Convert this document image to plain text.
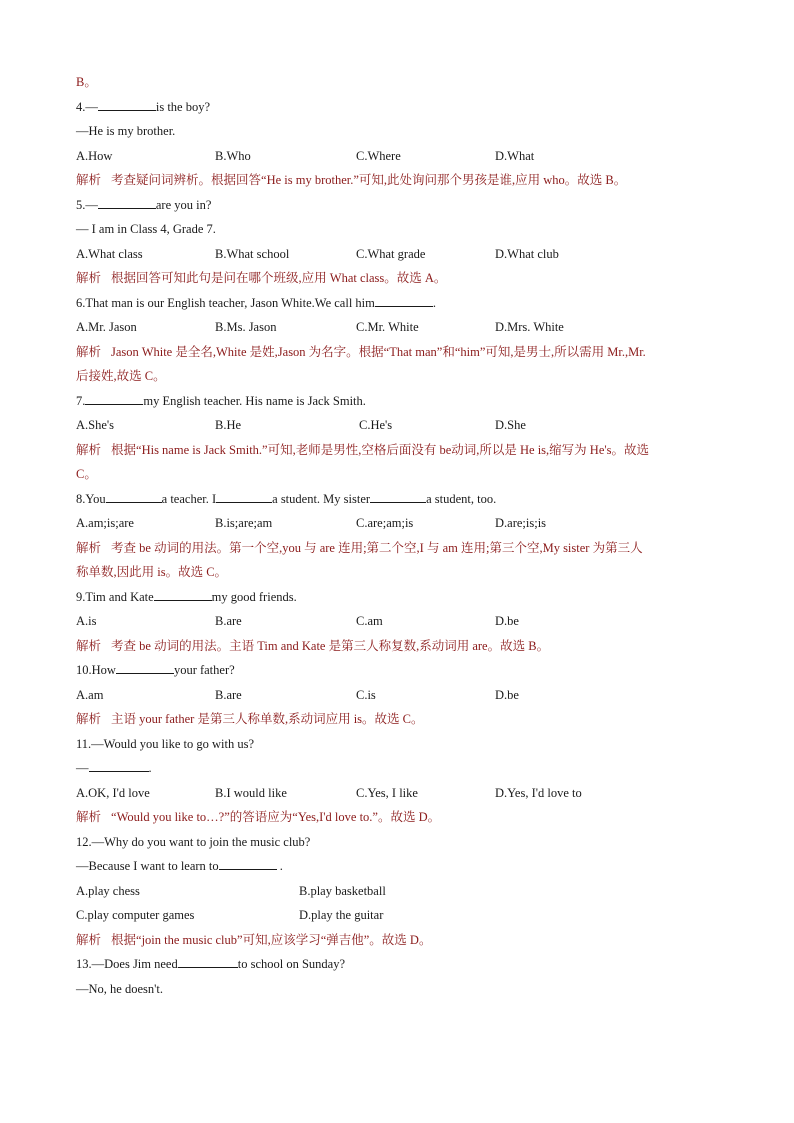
B。
4.—	is the boy?
—He is my brother.
A.How	B.Who	C.Where	D.What
解析 考查疑问词辨析。根据回答“He is my brother.”可知,此处询问那个男孩是谁,应用 who。故选 B。
5.—	are you in?
— I am in Class 4, Grade 7.
A.What class	B.What school	C.What grade	D.What club
解析 根据回答可知此句是问在哪个班级,应用 What class。故选 A。
6.That man is our English teacher, Jason White.We call him	.
A.Mr. Jason	B.Ms. Jason	C.Mr. White	D.Mrs. White
解析 Jason White 是全名,White 是姓,Jason 为名字。根据“That man”和“him”可知,是男士,所以需用 Mr.,Mr.
后接姓,故选 C。
7.	my English teacher. His name is Jack Smith.
A.She's	B.He	C.He's	D.She
解析 根据“His name is Jack Smith.”可知,老师是男性,空格后面没有 be动词,所以是 He is,缩写为 He's。故选
C。
8.You	a teacher. I	a student. My sister	a student, too.
A.am;is;are	B.is;are;am	C.are;am;is	D.are;is;is
解析 考查 be 动词的用法。第一个空,you 与 are 连用;第二个空,I 与 am 连用;第三个空,My sister 为第三人
称单数,因此用 is。故选 C。
9.Tim and Kate	my good friends.
A.is	B.are	C.am	D.be
解析 考查 be 动词的用法。主语 Tim and Kate 是第三人称复数,系动词用 are。故选 B。
10.How	your father?
A.am	B.are	C.is	D.be
解析 主语 your father 是第三人称单数,系动词应用 is。故选 C。
11.—Would you like to go with us?
—	.
A.OK, I'd love	B.I would like	C.Yes, I like	D.Yes, I'd love to
解析 “Would you like to…?”的答语应为“Yes,I'd love to.”。故选 D。
12.—Why do you want to join the music club?
—Because I want to learn to	.
A.play chess	B.play basketball
C.play computer games	D.play the guitar
解析 根据“join the music club”可知,应该学习“弹吉他”。故选 D。
13.—Does Jim need	to school on Sunday?
—No, he doesn't.
